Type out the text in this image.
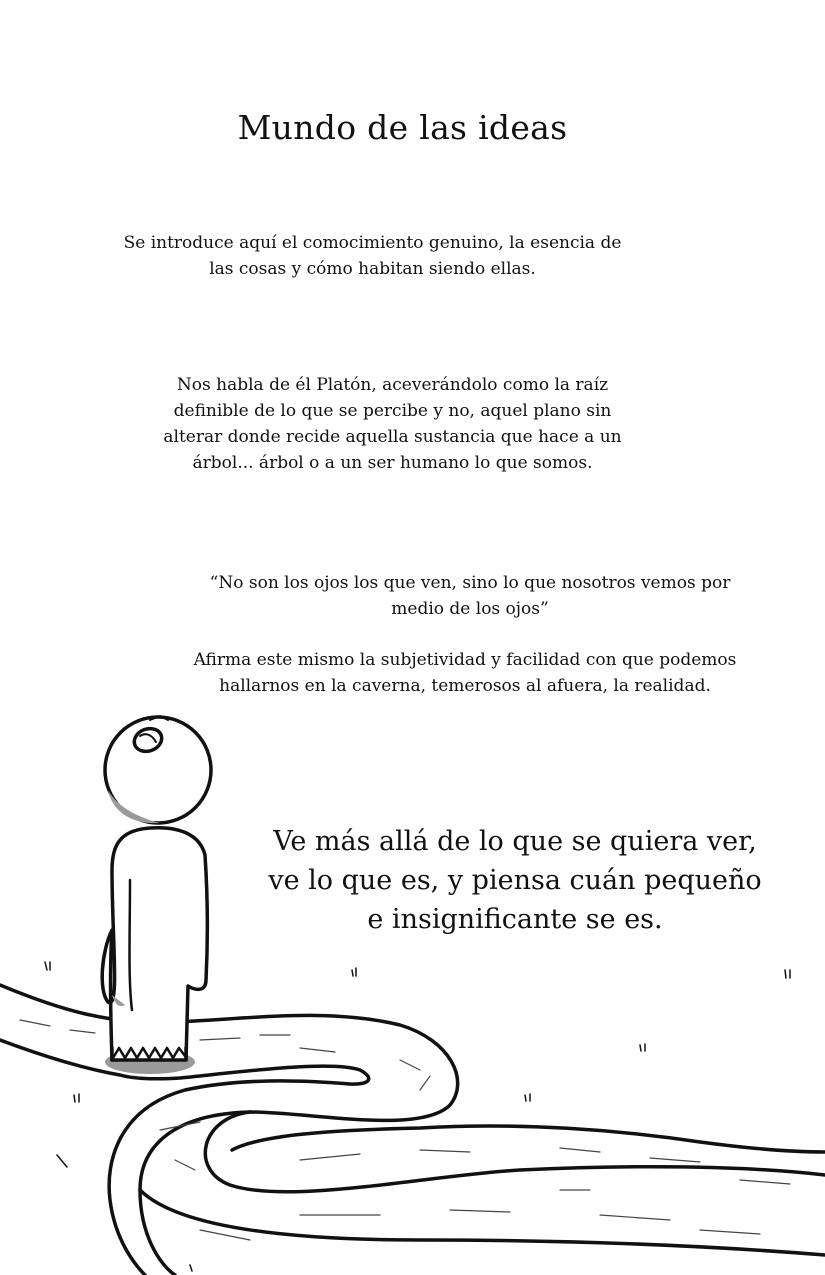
Mundo de las ideas

Se introduce aquí el comocimiento genuino, la esencia de
las cosas y cómo habitan siendo ellas.

Nos habla de él Platón, aceverándolo como la raíz
definible de lo que se percibe y no, aquel plano sin
alterar donde recide aquella sustancia que hace a un
árbol... árbol o a un ser humano lo que somos.

“No son los ojos los que ven, sino lo que nosotros vemos por
medio de los ojos”

Afirma este mismo la subjetividad y facilidad con que podemos
hallarnos en la caverna, temerosos al afuera, la realidad.

Ve más allá de lo que se quiera ver,
ve lo que es, y piensa cuán pequeño
e insignificante se es.
